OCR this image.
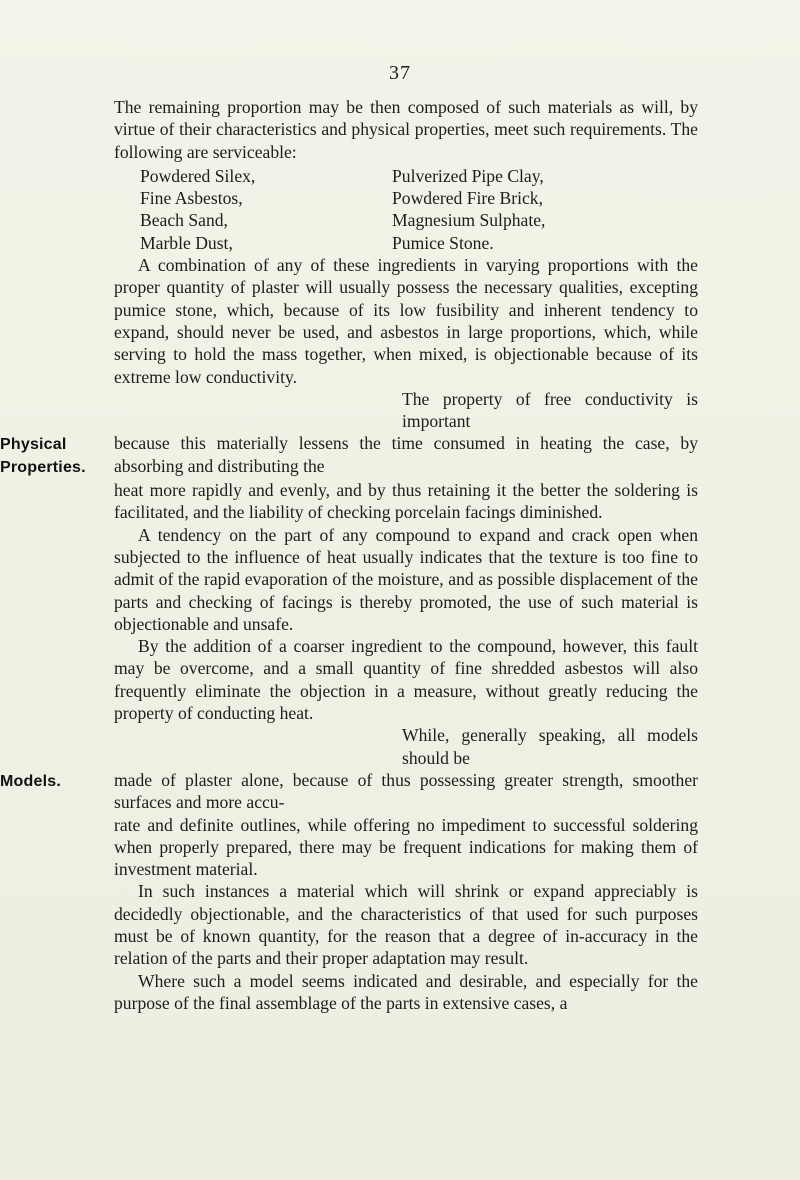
37

The remaining proportion may be then composed of such materials as will, by virtue of their characteristics and physical properties, meet such requirements. The following are serviceable:

Powdered Silex,	Pulverized Pipe Clay,
Fine Asbestos,	Powdered Fire Brick,
Beach Sand,	Magnesium Sulphate,
Marble Dust,	Pumice Stone.

A combination of any of these ingredients in varying proportions with the proper quantity of plaster will usually possess the necessary qualities, excepting pumice stone, which, because of its low fusibility and inherent tendency to expand, should never be used, and asbestos in large proportions, which, while serving to hold the mass together, when mixed, is objectionable because of its extreme low conductivity.

The property of free conductivity is important

Physical Properties.

because this materially lessens the time consumed in heating the case, by absorbing and distributing the

heat more rapidly and evenly, and by thus retaining it the better the soldering is facilitated, and the liability of checking porcelain facings diminished.

A tendency on the part of any compound to expand and crack open when subjected to the influence of heat usually indicates that the texture is too fine to admit of the rapid evaporation of the moisture, and as possible displacement of the parts and checking of facings is thereby promoted, the use of such material is objectionable and unsafe.

By the addition of a coarser ingredient to the compound, however, this fault may be overcome, and a small quantity of fine shredded asbestos will also frequently eliminate the objection in a measure, without greatly reducing the property of conducting heat.

While, generally speaking, all models should be

Models.	made of plaster alone, because of thus possessing greater strength, smoother surfaces and more accu-

rate and definite outlines, while offering no impediment to successful soldering when properly prepared, there may be frequent indications for making them of investment material.

In such instances a material which will shrink or expand appreciably is decidedly objectionable, and the characteristics of that used for such purposes must be of known quantity, for the reason that a degree of in-accuracy in the relation of the parts and their proper adaptation may result.

Where such a model seems indicated and desirable, and especially for the purpose of the final assemblage of the parts in extensive cases, a
